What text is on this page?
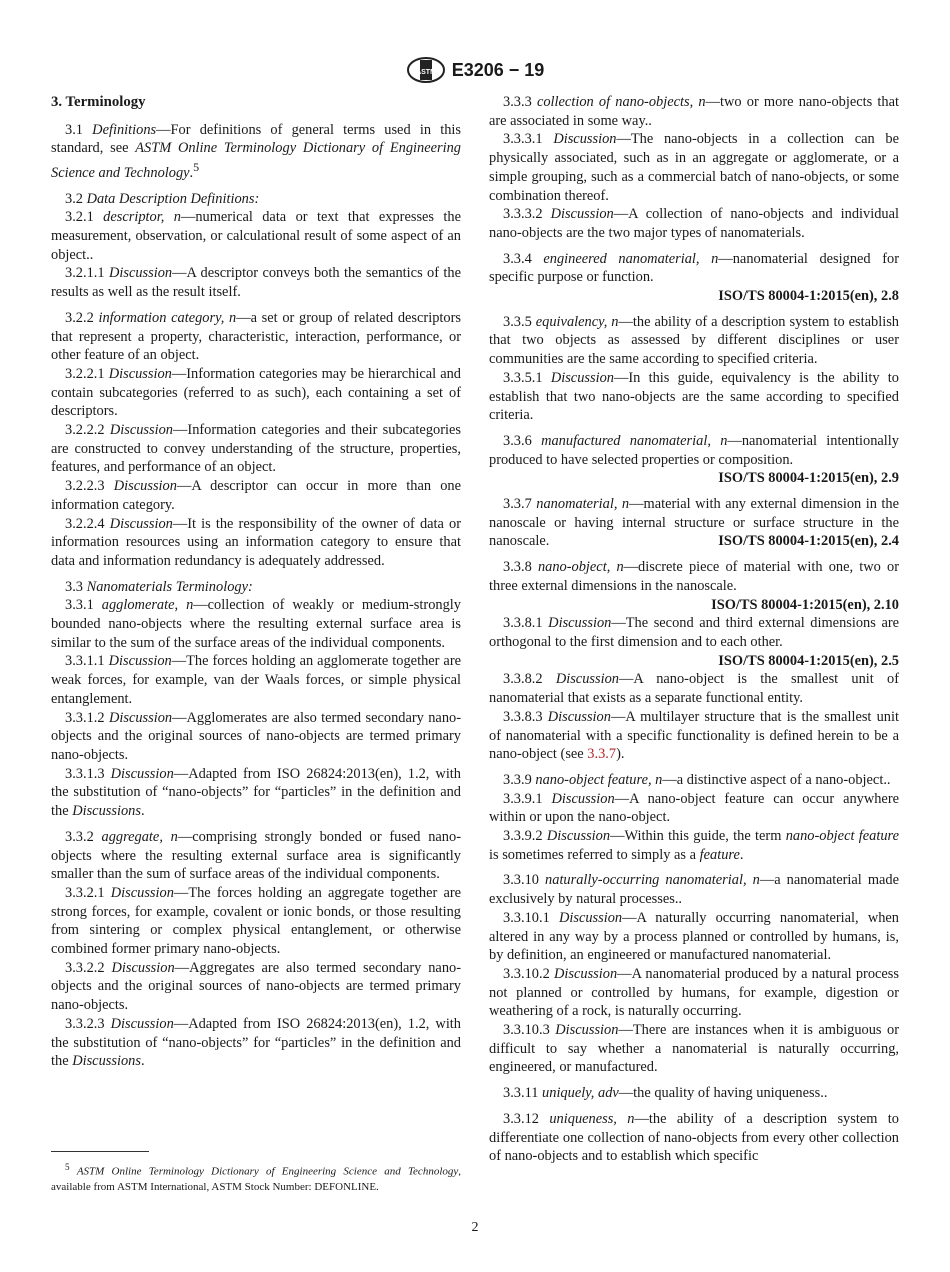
ASTM E3206 − 19

3. Terminology

3.1 Definitions—For definitions of general terms used in this standard, see ASTM Online Terminology Dictionary of Engineering Science and Technology.$^5$

3.2 Data Description Definitions:

3.2.1 descriptor, n—numerical data or text that expresses the measurement, observation, or calculational result of some aspect of an object..

3.2.1.1 Discussion—A descriptor conveys both the semantics of the results as well as the result itself.

3.2.2 information category, n—a set or group of related descriptors that represent a property, characteristic, interaction, performance, or other feature of an object.

3.2.2.1 Discussion—Information categories may be hierarchical and contain subcategories (referred to as such), each containing a set of descriptors.

3.2.2.2 Discussion—Information categories and their subcategories are constructed to convey understanding of the structure, properties, features, and performance of an object.

3.2.2.3 Discussion—A descriptor can occur in more than one information category.

3.2.2.4 Discussion—It is the responsibility of the owner of data or information resources using an information category to ensure that data and information redundancy is adequately addressed.

3.3 Nanomaterials Terminology:

3.3.1 agglomerate, n—collection of weakly or medium-strongly bounded nano-objects where the resulting external surface area is similar to the sum of the surface areas of the individual components.

3.3.1.1 Discussion—The forces holding an agglomerate together are weak forces, for example, van der Waals forces, or simple physical entanglement.

3.3.1.2 Discussion—Agglomerates are also termed secondary nano-objects and the original sources of nano-objects are termed primary nano-objects.

3.3.1.3 Discussion—Adapted from ISO 26824:2013(en), 1.2, with the substitution of “nano-objects” for “particles” in the definition and the Discussions.

3.3.2 aggregate, n—comprising strongly bonded or fused nano-objects where the resulting external surface area is significantly smaller than the sum of surface areas of the individual components.

3.3.2.1 Discussion—The forces holding an aggregate together are strong forces, for example, covalent or ionic bonds, or those resulting from sintering or complex physical entanglement, or otherwise combined former primary nano-objects.

3.3.2.2 Discussion—Aggregates are also termed secondary nano-objects and the original sources of nano-objects are termed primary nano-objects.

3.3.2.3 Discussion—Adapted from ISO 26824:2013(en), 1.2, with the substitution of “nano-objects” for “particles” in the definition and the Discussions.

3.3.3 collection of nano-objects, n—two or more nano-objects that are associated in some way..

3.3.3.1 Discussion—The nano-objects in a collection can be physically associated, such as in an aggregate or agglomerate, or a simple grouping, such as a commercial batch of nano-objects, or some combination thereof.

3.3.3.2 Discussion—A collection of nano-objects and individual nano-objects are the two major types of nanomaterials.

3.3.4 engineered nanomaterial, n—nanomaterial designed for specific purpose or function.

ISO/TS 80004-1:2015(en), 2.8

3.3.5 equivalency, n—the ability of a description system to establish that two objects as assessed by different disciplines or user communities are the same according to specified criteria.

3.3.5.1 Discussion—In this guide, equivalency is the ability to establish that two nano-objects are the same according to specified criteria.

3.3.6 manufactured nanomaterial, n—nanomaterial intentionally produced to have selected properties or composition.

ISO/TS 80004-1:2015(en), 2.9

3.3.7 nanomaterial, n—material with any external dimension in the nanoscale or having internal structure or surface structure in the nanoscale.	ISO/TS 80004-1:2015(en), 2.4

3.3.8 nano-object, n—discrete piece of material with one, two or three external dimensions in the nanoscale.

ISO/TS 80004-1:2015(en), 2.10

3.3.8.1 Discussion—The second and third external dimensions are orthogonal to the first dimension and to each other.

ISO/TS 80004-1:2015(en), 2.5

3.3.8.2 Discussion—A nano-object is the smallest unit of nanomaterial that exists as a separate functional entity.

3.3.8.3 Discussion—A multilayer structure that is the smallest unit of nanomaterial with a specific functionality is defined herein to be a nano-object (see 3.3.7).

3.3.9 nano-object feature, n—a distinctive aspect of a nano-object..

3.3.9.1 Discussion—A nano-object feature can occur anywhere within or upon the nano-object.

3.3.9.2 Discussion—Within this guide, the term nano-object feature is sometimes referred to simply as a feature.

3.3.10 naturally-occurring nanomaterial, n—a nanomaterial made exclusively by natural processes..

3.3.10.1 Discussion—A naturally occurring nanomaterial, when altered in any way by a process planned or controlled by humans, is, by definition, an engineered or manufactured nanomaterial.

3.3.10.2 Discussion—A nanomaterial produced by a natural process not planned or controlled by humans, for example, digestion or weathering of a rock, is naturally occurring.

3.3.10.3 Discussion—There are instances when it is ambiguous or difficult to say whether a nanomaterial is naturally occurring, engineered, or manufactured.

3.3.11 uniquely, adv—the quality of having uniqueness..

3.3.12 uniqueness, n—the ability of a description system to differentiate one collection of nano-objects from every other collection of nano-objects and to establish which specific

$^5$ ASTM Online Terminology Dictionary of Engineering Science and Technology, available from ASTM International, ASTM Stock Number: DEFONLINE.

2
